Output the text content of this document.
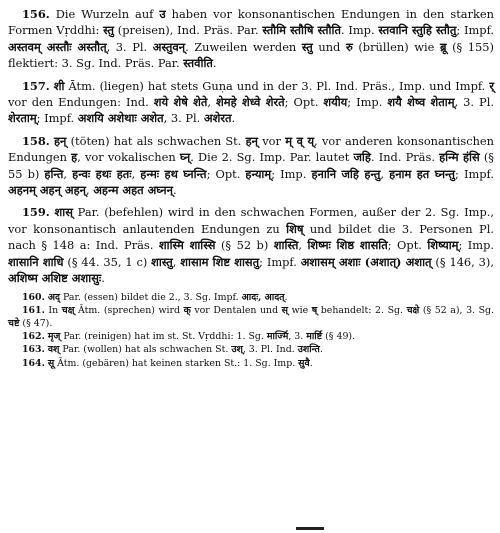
156. Die Wurzeln auf उ haben vor konsonantischen Endungen in den starken Formen Vṛddhi: स्तु (preisen), Ind. Präs. Par. स्तौमि स्तौषि स्तौति. Imp. स्तवानि स्तुहि स्तौतु; Impf. अस्तवम् अस्तौः अस्तौत्, 3. Pl. अस्तुवन्. Zuweilen werden स्तु und रु (brüllen) wie ब्रू (§ 155) flektiert: 3. Sg. Ind. Präs. Par. स्तवीति.

157. शी Ātm. (liegen) hat stets Guṇa und in der 3. Pl. Ind. Präs., Imp. und Impf. र् vor den Endungen: Ind. शये शेषे शेते, शेमहे शेध्वे शेरते; Opt. शयीय; Imp. शयै शेष्व शेताम्, 3. Pl. शेरताम्; Impf. अशयि अशेथाः अशेत, 3. Pl. अशेरत.

158. हन् (töten) hat als schwachen St. हन् vor म् व् य्, vor anderen konsonantischen Endungen ह, vor vokalischen घ्न्. Die 2. Sg. Imp. Par. lautet जहि. Ind. Präs. हन्मि हंसि (§ 55 b) हन्ति, हन्वः हथः हतः, हन्मः हथ घ्नन्ति; Opt. हन्याम्; Imp. हनानि जहि हन्तु, हनाम हत घ्नन्तु; Impf. अहनम् अहन् अहन्, अहन्म अहत अघ्नन्.

159. शास् Par. (befehlen) wird in den schwachen Formen, außer der 2. Sg. Imp., vor konsonantisch anlautenden Endungen zu शिष् und bildet die 3. Personen Pl. nach § 148 a: Ind. Präs. शास्मि शास्सि (§ 52 b) शास्ति, शिष्मः शिष्ठ शासति; Opt. शिष्याम्; Imp. शासानि शाधि (§ 44. 35, 1 c) शास्तु, शासाम शिष्ट शासतु; Impf. अशासम् अशाः (अशात्) अशात् (§ 146, 3), अशिष्म अशिष्ट अशासुः.

160. अद् Par. (essen) bildet die 2., 3. Sg. Impf. आदः, आदत्.

161. In चक्ष् Ātm. (sprechen) wird क् vor Dentalen und स् wie ष् behandelt: 2. Sg. चक्षे (§ 52 a), 3. Sg. चष्टे (§ 47).

162. मृज् Par. (reinigen) hat im st. St. Vṛddhi: 1. Sg. मार्ज्मि, 3. मार्ष्टि (§ 49).

163. वश् Par. (wollen) hat als schwachen St. उश्, 3. Pl. Ind. उशन्ति.

164. सू Ātm. (gebären) hat keinen starken St.: 1. Sg. Imp. सुवै.
